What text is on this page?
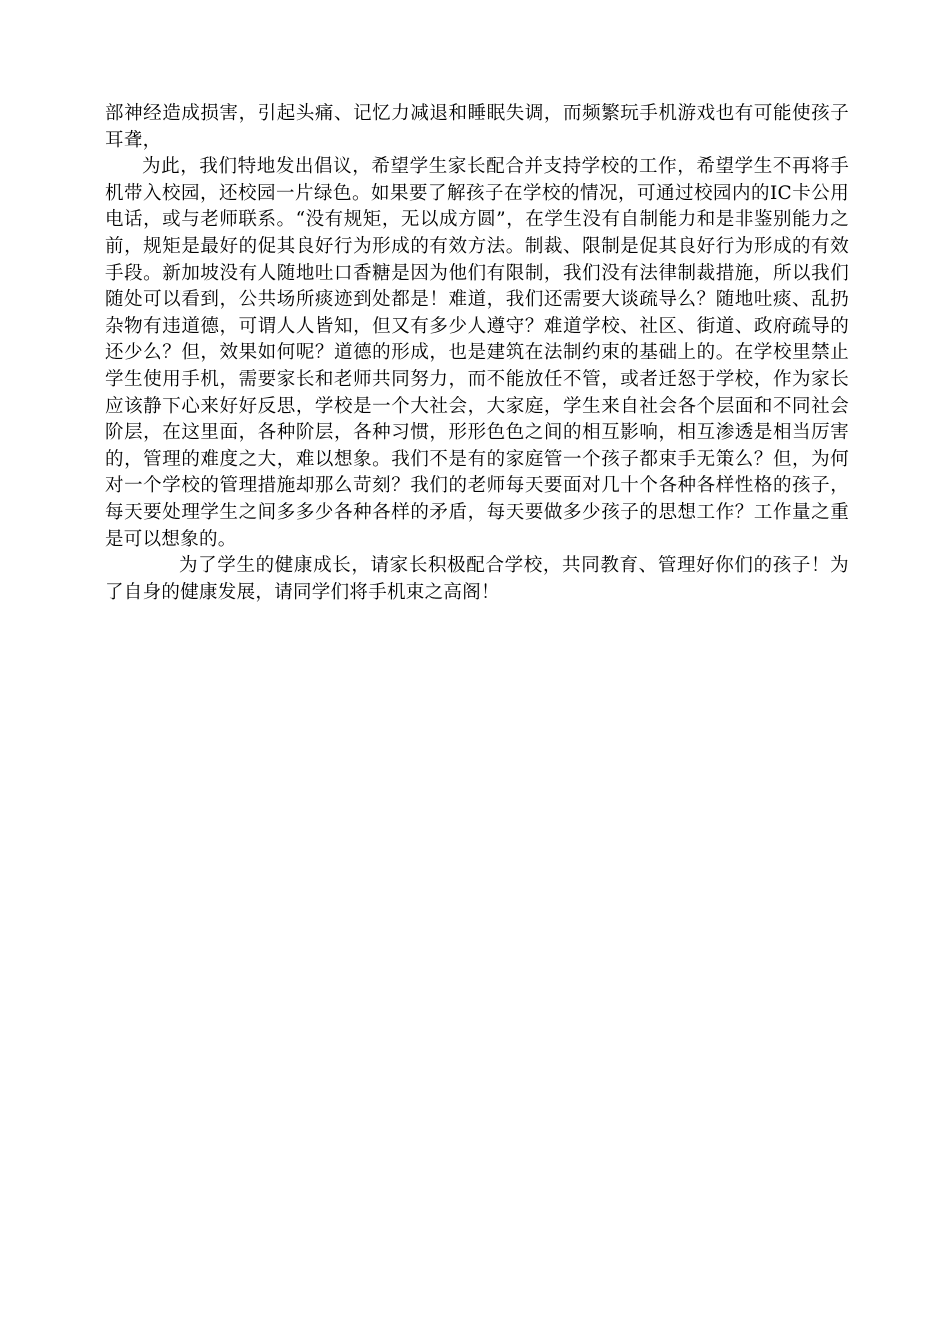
部神经造成损害，引起头痛、记忆力减退和睡眠失调，而频繁玩手机游戏也有可能使孩子耳聋，

为此，我们特地发出倡议，希望学生家长配合并支持学校的工作，希望学生不再将手机带入校园，还校园一片绿色。如果要了解孩子在学校的情况，可通过校园内的IC卡公用电话，或与老师联系。“没有规矩，无以成方圆”，在学生没有自制能力和是非鉴别能力之前，规矩是最好的促其良好行为形成的有效方法。制裁、限制是促其良好行为形成的有效手段。新加坡没有人随地吐口香糖是因为他们有限制，我们没有法律制裁措施，所以我们随处可以看到，公共场所痰迹到处都是！难道，我们还需要大谈疏导么？随地吐痰、乱扔杂物有违道德，可谓人人皆知，但又有多少人遵守？难道学校、社区、街道、政府疏导的还少么？但，效果如何呢？道德的形成，也是建筑在法制约束的基础上的。在学校里禁止学生使用手机，需要家长和老师共同努力，而不能放任不管，或者迁怒于学校，作为家长应该静下心来好好反思，学校是一个大社会，大家庭，学生来自社会各个层面和不同社会阶层，在这里面，各种阶层，各种习惯，形形色色之间的相互影响，相互渗透是相当厉害的，管理的难度之大，难以想象。我们不是有的家庭管一个孩子都束手无策么？但，为何对一个学校的管理措施却那么苛刻？我们的老师每天要面对几十个各种各样性格的孩子，每天要处理学生之间多多少各种各样的矛盾，每天要做多少孩子的思想工作？工作量之重是可以想象的。

为了学生的健康成长，请家长积极配合学校，共同教育、管理好你们的孩子！为了自身的健康发展，请同学们将手机束之高阁！
